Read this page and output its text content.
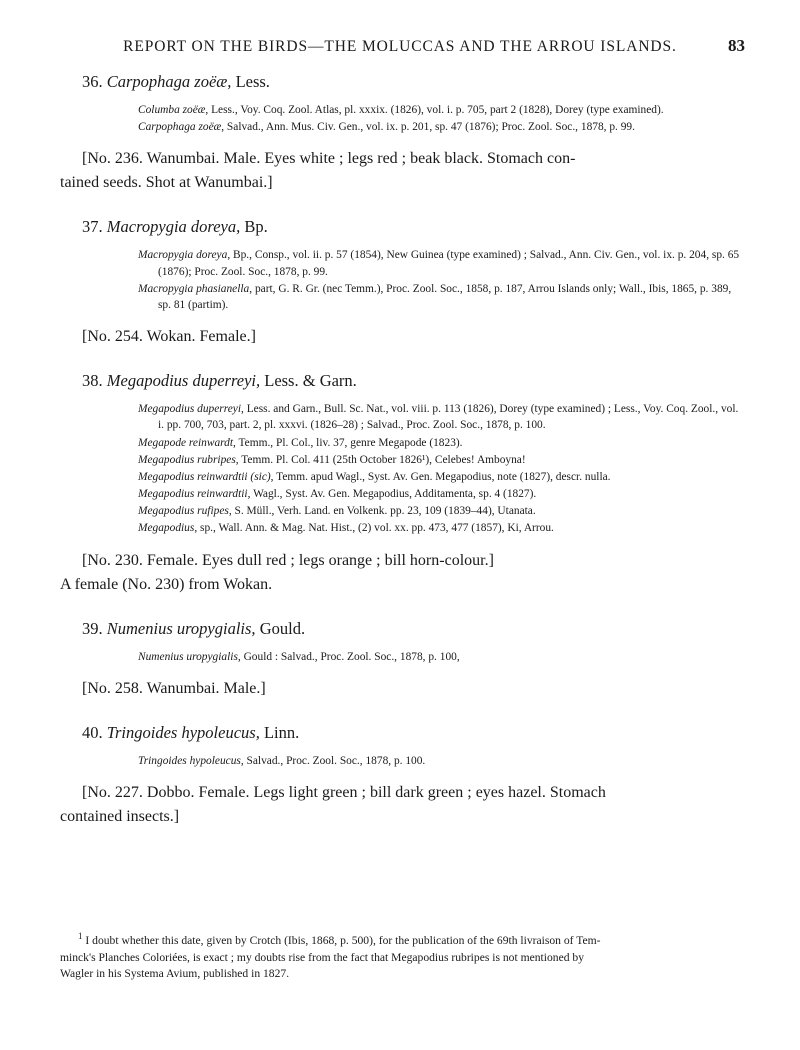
REPORT ON THE BIRDS—THE MOLUCCAS AND THE ARROU ISLANDS.	83
36. Carpophaga zoëæ, Less.
Columba zoëæ, Less., Voy. Coq. Zool. Atlas, pl. xxxix. (1826), vol. i. p. 705, part 2 (1828), Dorey (type examined).
Carpophaga zoëæ, Salvad., Ann. Mus. Civ. Gen., vol. ix. p. 201, sp. 47 (1876); Proc. Zool. Soc., 1878, p. 99.
[No. 236. Wanumbai. Male. Eyes white ; legs red ; beak black. Stomach con-
tained seeds. Shot at Wanumbai.]
37. Macropygia doreya, Bp.
Macropygia doreya, Bp., Consp., vol. ii. p. 57 (1854), New Guinea (type examined) ; Salvad., Ann. Civ. Gen., vol. ix. p. 204, sp. 65 (1876); Proc. Zool. Soc., 1878, p. 99.
Macropygia phasianella, part, G. R. Gr. (nec Temm.), Proc. Zool. Soc., 1858, p. 187, Arrou Islands only; Wall., Ibis, 1865, p. 389, sp. 81 (partim).
[No. 254. Wokan. Female.]
38. Megapodius duperreyi, Less. & Garn.
Megapodius duperreyi, Less. and Garn., Bull. Sc. Nat., vol. viii. p. 113 (1826), Dorey (type examined) ; Less., Voy. Coq. Zool., vol. i. pp. 700, 703, part. 2, pl. xxxvi. (1826–28) ; Salvad., Proc. Zool. Soc., 1878, p. 100.
Megapode reinwardt, Temm., Pl. Col., liv. 37, genre Megapode (1823).
Megapodius rubripes, Temm. Pl. Col. 411 (25th October 1826¹), Celebes! Amboyna!
Megapodius reinwardtii (sic), Temm. apud Wagl., Syst. Av. Gen. Megapodius, note (1827), descr. nulla.
Megapodius reinwardtii, Wagl., Syst. Av. Gen. Megapodius, Additamenta, sp. 4 (1827).
Megapodius rufipes, S. Müll., Verh. Land. en Volkenk. pp. 23, 109 (1839–44), Utanata.
Megapodius, sp., Wall. Ann. & Mag. Nat. Hist., (2) vol. xx. pp. 473, 477 (1857), Ki, Arrou.
[No. 230. Female. Eyes dull red ; legs orange ; bill horn-colour.]
A female (No. 230) from Wokan.
39. Numenius uropygialis, Gould.
Numenius uropygialis, Gould : Salvad., Proc. Zool. Soc., 1878, p. 100,
[No. 258. Wanumbai. Male.]
40. Tringoides hypoleucus, Linn.
Tringoides hypoleucus, Salvad., Proc. Zool. Soc., 1878, p. 100.
[No. 227. Dobbo. Female. Legs light green ; bill dark green ; eyes hazel. Stomach
contained insects.]
$^1$ I doubt whether this date, given by Crotch (Ibis, 1868, p. 500), for the publication of the 69th livraison of Tem-
minck's Planches Coloriées, is exact ; my doubts rise from the fact that Megapodius rubripes is not mentioned by
Wagler in his Systema Avium, published in 1827.
